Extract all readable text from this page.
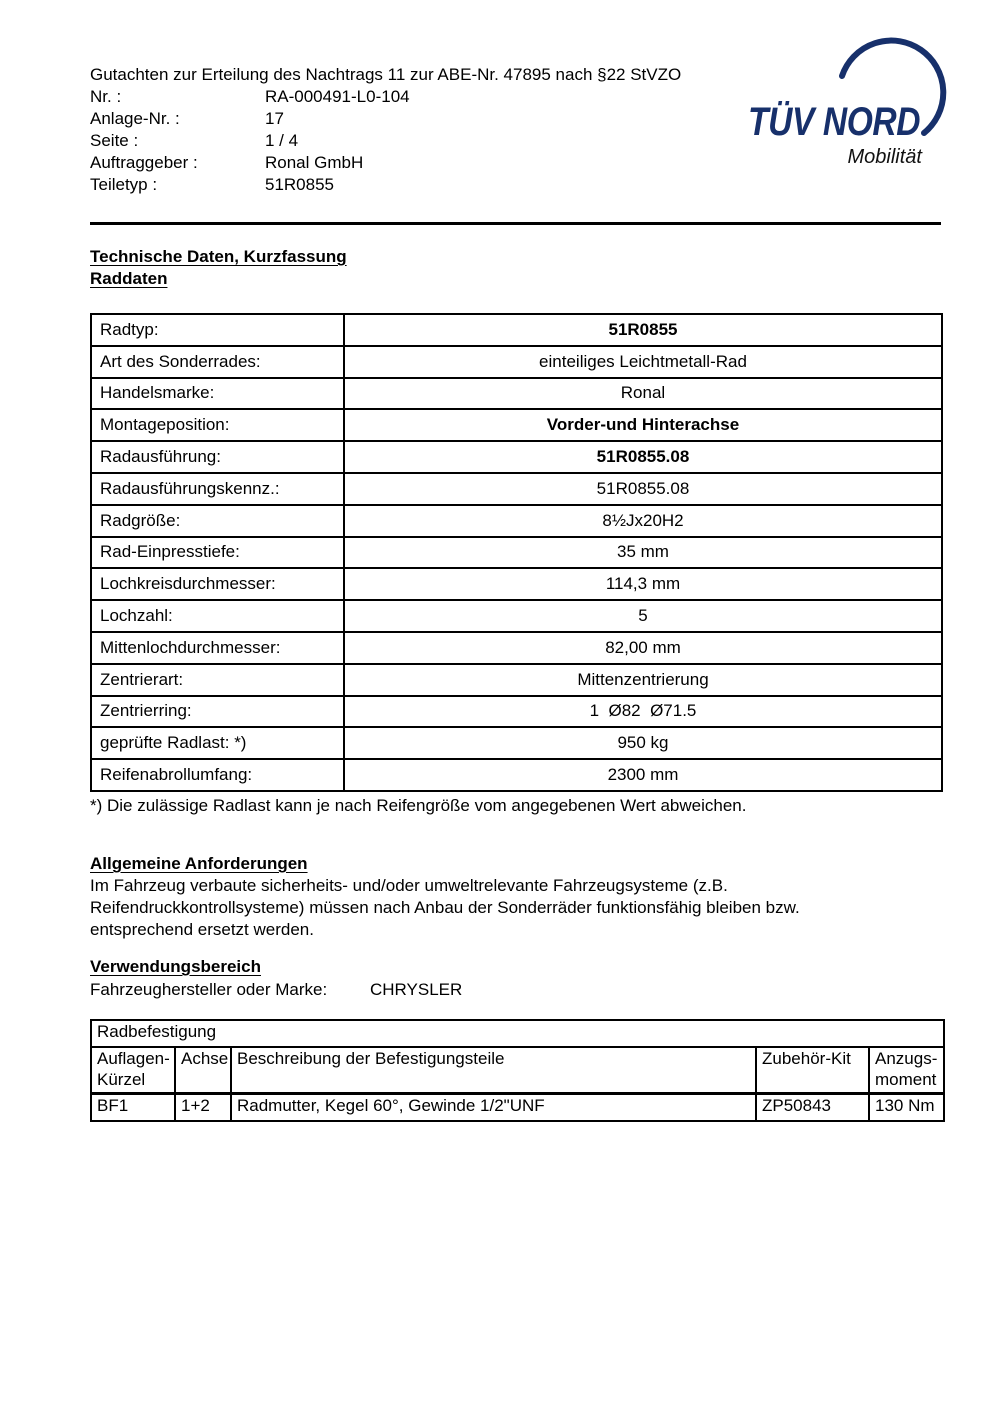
Gutachten zur Erteilung des Nachtrags 11 zur ABE-Nr. 47895 nach §22 StVZO
Nr. :	RA-000491-L0-104
Anlage-Nr. :	17
Seite :	1 / 4
Auftraggeber :	Ronal GmbH
Teiletyp :	51R0855
TÜV NORD
Mobilität
Technische Daten, Kurzfassung
Raddaten
Radtyp:	51R0855
Art des Sonderrades:	einteiliges Leichtmetall-Rad
Handelsmarke:	Ronal
Montageposition:	Vorder-und Hinterachse
Radausführung:	51R0855.08
Radausführungskennz.:	51R0855.08
Radgröße:	8½Jx20H2
Rad-Einpresstiefe:	35 mm
Lochkreisdurchmesser:	114,3 mm
Lochzahl:	5
Mittenlochdurchmesser:	82,00 mm
Zentrierart:	Mittenzentrierung
Zentrierring:	1  Ø82  Ø71.5
geprüfte Radlast: *)	950 kg
Reifenabrollumfang:	2300 mm
*) Die zulässige Radlast kann je nach Reifengröße vom angegebenen Wert abweichen.
Allgemeine Anforderungen
Im Fahrzeug verbaute sicherheits- und/oder umweltrelevante Fahrzeugsysteme (z.B.
Reifendruckkontrollsysteme) müssen nach Anbau der Sonderräder funktionsfähig bleiben bzw.
entsprechend ersetzt werden.
Verwendungsbereich
Fahrzeughersteller oder Marke:	CHRYSLER
Radbefestigung				
Auflagen-Kürzel	Achse	Beschreibung der Befestigungsteile	Zubehör-Kit	Anzugs-moment
BF1	1+2	Radmutter, Kegel 60°, Gewinde 1/2"UNF	ZP50843	130 Nm
